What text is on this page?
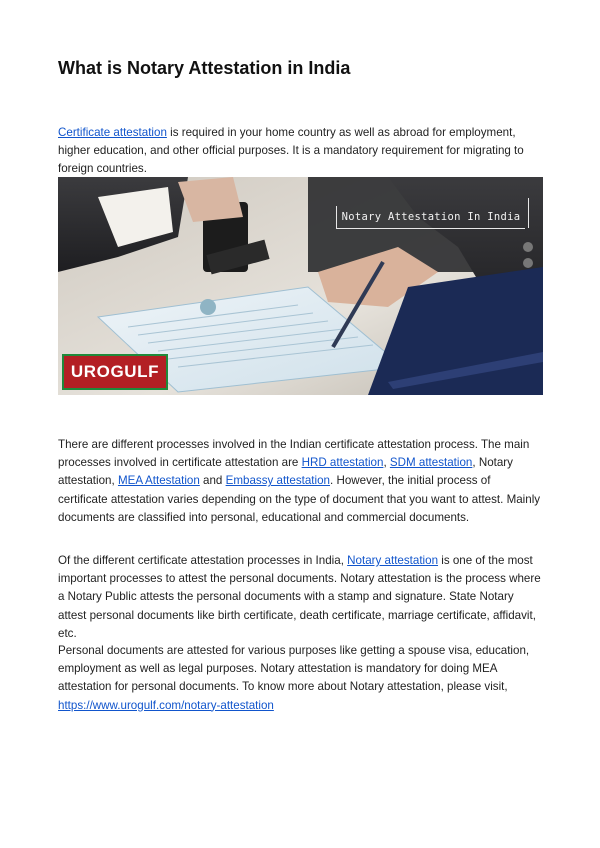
What is Notary Attestation in India
Certificate attestation is required in your home country as well as abroad for employment, higher education, and other official purposes. It is a mandatory requirement for migrating to foreign countries.
Notary Attestation In India
UROGULF
There are different processes involved in the Indian certificate attestation process. The main processes involved in certificate attestation are HRD attestation, SDM attestation, Notary attestation, MEA Attestation and Embassy attestation. However, the initial process of certificate attestation varies depending on the type of document that you want to attest. Mainly documents are classified into personal, educational and commercial documents.
Of the different certificate attestation processes in India, Notary attestation is one of the most important processes to attest the personal documents. Notary attestation is the process where a Notary Public attests the personal documents with a stamp and signature. State Notary attest personal documents like birth certificate, death certificate, marriage certificate, affidavit, etc.
Personal documents are attested for various purposes like getting a spouse visa, education, employment as well as legal purposes. Notary attestation is mandatory for doing MEA attestation for personal documents. To know more about Notary attestation, please visit, https://www.urogulf.com/notary-attestation
